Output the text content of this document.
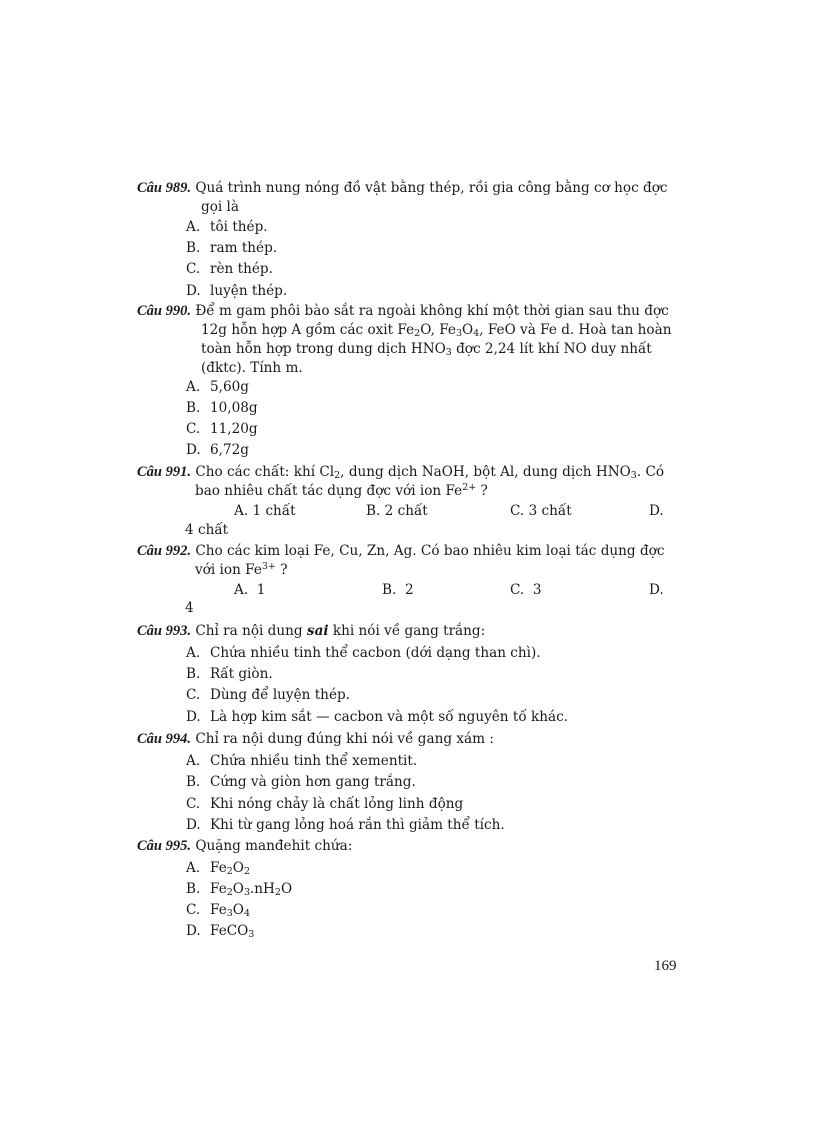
Câu 989. Quá trình nung nóng đồ vật bằng thép, rồi gia công bằng cơ học đợc
gọi là
A. tôi thép.
B. ram thép.
C. rèn thép.
D. luyện thép.
Câu 990. Để m gam phôi bào sắt ra ngoài không khí một thời gian sau thu đợc
12g hỗn hợp A gồm các oxit $Fe_2O$, $Fe_3O_4$, FeO và Fe d. Hoà tan hoàn
toàn hỗn hợp trong dung dịch $HNO_3$ đợc 2,24 lít khí NO duy nhất
(đktc). Tính m.
A. 5,60g
B. 10,08g
C. 11,20g
D. 6,72g
Câu 991. Cho các chất: khí $Cl_2$, dung dịch NaOH, bột Al, dung dịch $HNO_3$. Có
bao nhiêu chất tác dụng đợc với ion $Fe^{2+}$ ?
A. 1 chất	B. 2 chất	C. 3 chất	D.
4 chất
Câu 992. Cho các kim loại Fe, Cu, Zn, Ag. Có bao nhiêu kim loại tác dụng đợc
với ion $Fe^{3+}$ ?
A. 1	B. 2	C. 3	D.
4
Câu 993. Chỉ ra nội dung sai khi nói về gang trắng:
A. Chứa nhiều tinh thể cacbon (dới dạng than chì).
B. Rất giòn.
C. Dùng để luyện thép.
D. Là hợp kim sắt — cacbon và một số nguyên tố khác.
Câu 994. Chỉ ra nội dung đúng khi nói về gang xám :
A. Chứa nhiều tinh thể xementit.
B. Cứng và giòn hơn gang trắng.
C. Khi nóng chảy là chất lỏng linh động
D. Khi từ gang lỏng hoá rắn thì giảm thể tích.
Câu 995. Quặng manđehit chứa:
A. $Fe_2O_2$
B. $Fe_2O_3.nH_2O$
C. $Fe_3O_4$
D. FeCO$_3$
169
